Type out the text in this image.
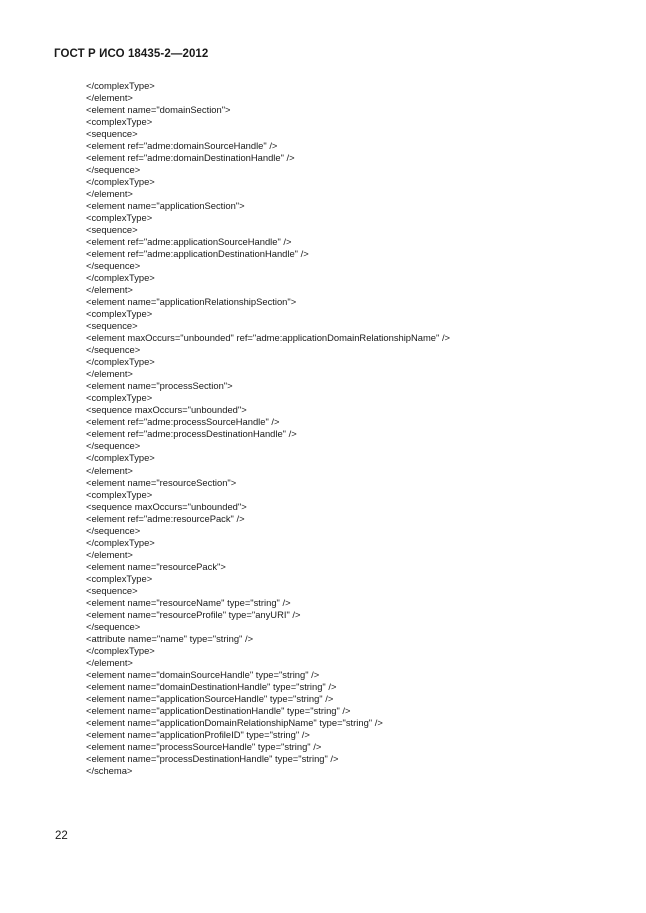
ГОСТ Р ИСО 18435-2—2012
</complexType>
</element>
<element name="domainSection">
<complexType>
<sequence>
<element ref="adme:domainSourceHandle" />
<element ref="adme:domainDestinationHandle" />
</sequence>
</complexType>
</element>
<element name="applicationSection">
<complexType>
<sequence>
<element ref="adme:applicationSourceHandle" />
<element ref="adme:applicationDestinationHandle" />
</sequence>
</complexType>
</element>
<element name="applicationRelationshipSection">
<complexType>
<sequence>
<element maxOccurs="unbounded" ref="adme:applicationDomainRelationshipName" />
</sequence>
</complexType>
</element>
<element name="processSection">
<complexType>
<sequence maxOccurs="unbounded">
<element ref="adme:processSourceHandle" />
<element ref="adme:processDestinationHandle" />
</sequence>
</complexType>
</element>
<element name="resourceSection">
<complexType>
<sequence maxOccurs="unbounded">
<element ref="adme:resourcePack" />
</sequence>
</complexType>
</element>
<element name="resourcePack">
<complexType>
<sequence>
<element name="resourceName" type="string" />
<element name="resourceProfile" type="anyURI" />
</sequence>
<attribute name="name" type="string" />
</complexType>
</element>
<element name="domainSourceHandle" type="string" />
<element name="domainDestinationHandle" type="string" />
<element name="applicationSourceHandle" type="string" />
<element name="applicationDestinationHandle" type="string" />
<element name="applicationDomainRelationshipName" type="string" />
<element name="applicationProfileID" type="string" />
<element name="processSourceHandle" type="string" />
<element name="processDestinationHandle" type="string" />
</schema>
22
